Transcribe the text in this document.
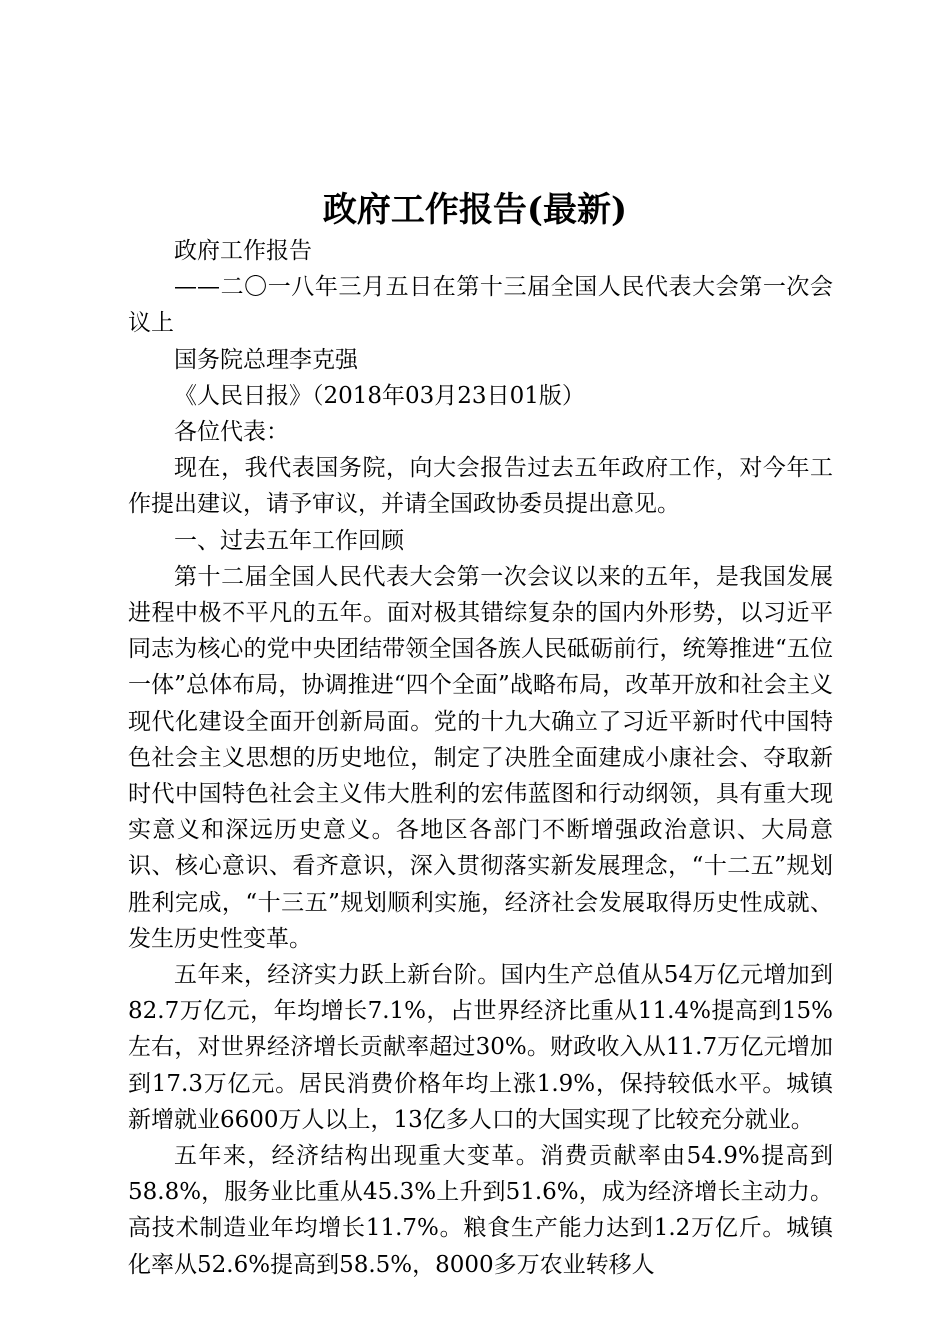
政府工作报告(最新)

政府工作报告

——二〇一八年三月五日在第十三届全国人民代表大会第一次会议上

国务院总理李克强

《人民日报》（2018年03月23日01版）

各位代表：

现在，我代表国务院，向大会报告过去五年政府工作，对今年工作提出建议，请予审议，并请全国政协委员提出意见。

一、过去五年工作回顾

第十二届全国人民代表大会第一次会议以来的五年，是我国发展进程中极不平凡的五年。面对极其错综复杂的国内外形势，以习近平同志为核心的党中央团结带领全国各族人民砥砺前行，统筹推进“五位一体”总体布局，协调推进“四个全面”战略布局，改革开放和社会主义现代化建设全面开创新局面。党的十九大确立了习近平新时代中国特色社会主义思想的历史地位，制定了决胜全面建成小康社会、夺取新时代中国特色社会主义伟大胜利的宏伟蓝图和行动纲领，具有重大现实意义和深远历史意义。各地区各部门不断增强政治意识、大局意识、核心意识、看齐意识，深入贯彻落实新发展理念，“十二五”规划胜利完成，“十三五”规划顺利实施，经济社会发展取得历史性成就、发生历史性变革。

五年来，经济实力跃上新台阶。国内生产总值从54万亿元增加到82.7万亿元，年均增长7.1%，占世界经济比重从11.4%提高到15%左右，对世界经济增长贡献率超过30%。财政收入从11.7万亿元增加到17.3万亿元。居民消费价格年均上涨1.9%，保持较低水平。城镇新增就业6600万人以上，13亿多人口的大国实现了比较充分就业。

五年来，经济结构出现重大变革。消费贡献率由54.9%提高到58.8%，服务业比重从45.3%上升到51.6%，成为经济增长主动力。高技术制造业年均增长11.7%。粮食生产能力达到1.2万亿斤。城镇化率从52.6%提高到58.5%，8000多万农业转移人
